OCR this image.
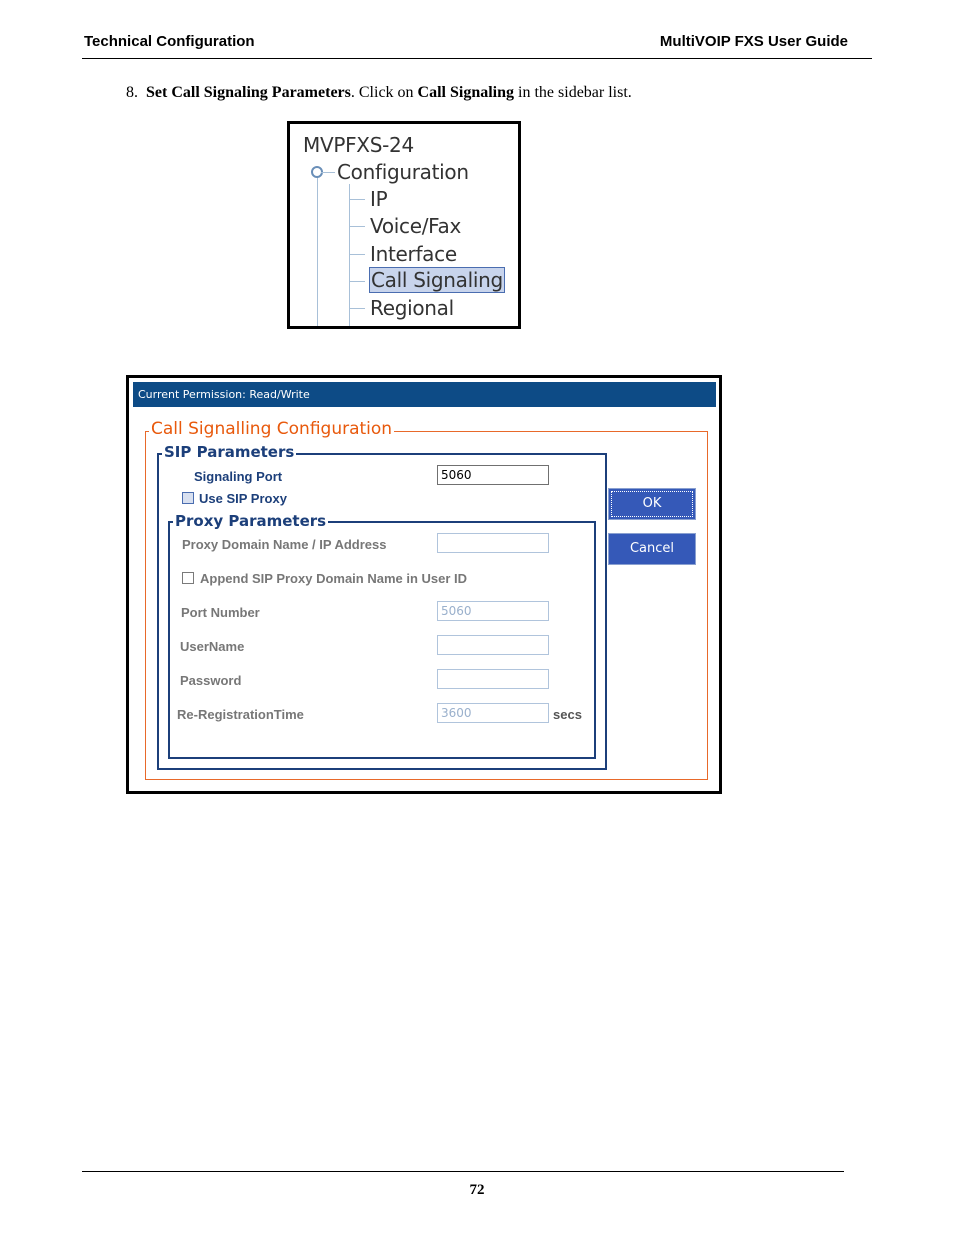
Technical Configuration	MultiVOIP FXS User Guide
8. Set Call Signaling Parameters. Click on Call Signaling in the sidebar list.
MVPFXS-24
Configuration
IP
Voice/Fax
Interface
Call Signaling
Regional
Current Permission: Read/Write
Call Signalling Configuration
SIP Parameters
Signaling Port	5060
Use SIP Proxy
Proxy Parameters
Proxy Domain Name / IP Address
Append SIP Proxy Domain Name in User ID
Port Number	5060
UserName
Password
Re-RegistrationTime	3600	secs
OK
Cancel
72
